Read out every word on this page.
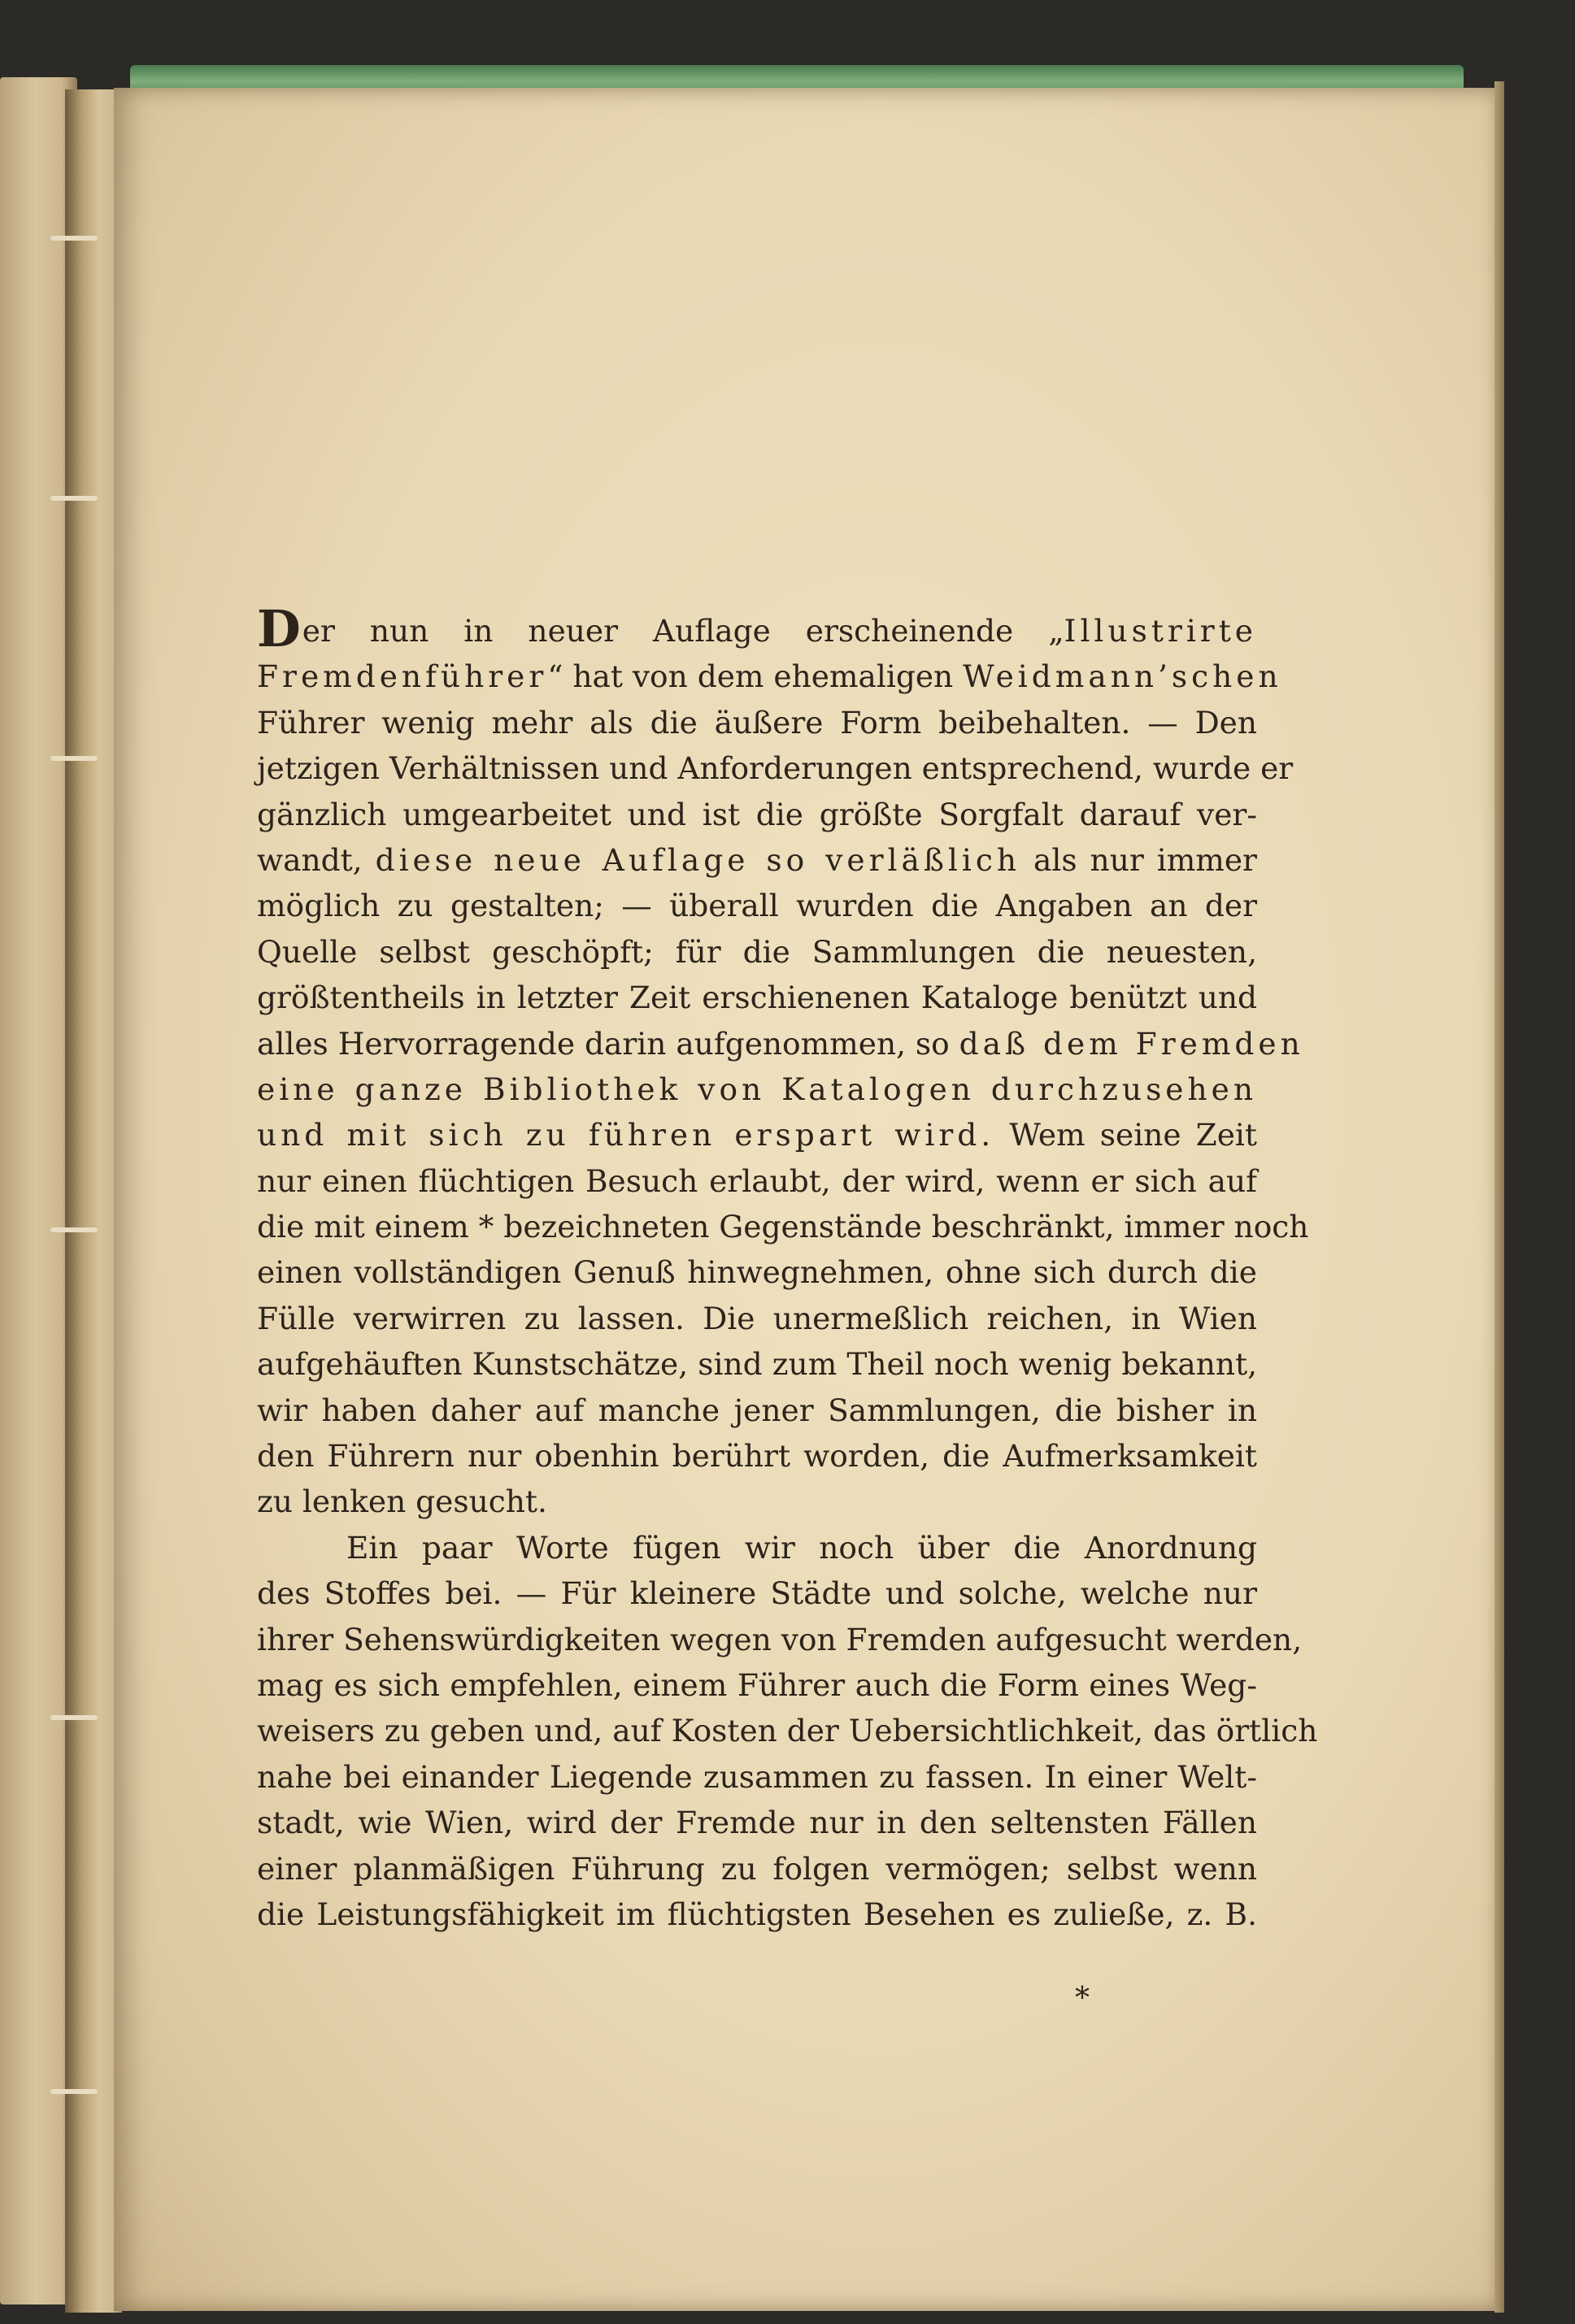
Der nun in neuer Auflage erscheinende „Illustrirte
Fremdenführer“ hat von dem ehemaligen Weidmann’schen
Führer wenig mehr als die äußere Form beibehalten. — Den
jetzigen Verhältnissen und Anforderungen entsprechend, wurde er
gänzlich umgearbeitet und ist die größte Sorgfalt darauf ver-
wandt, diese neue Auflage so verläßlich als nur immer
möglich zu gestalten; — überall wurden die Angaben an der
Quelle selbst geschöpft; für die Sammlungen die neuesten,
größtentheils in letzter Zeit erschienenen Kataloge benützt und
alles Hervorragende darin aufgenommen, so daß dem Fremden
eine ganze Bibliothek von Katalogen durchzusehen
und mit sich zu führen erspart wird. Wem seine Zeit
nur einen flüchtigen Besuch erlaubt, der wird, wenn er sich auf
die mit einem * bezeichneten Gegenstände beschränkt, immer noch
einen vollständigen Genuß hinwegnehmen, ohne sich durch die
Fülle verwirren zu lassen. Die unermeßlich reichen, in Wien
aufgehäuften Kunstschätze, sind zum Theil noch wenig bekannt,
wir haben daher auf manche jener Sammlungen, die bisher in
den Führern nur obenhin berührt worden, die Aufmerksamkeit
zu lenken gesucht.
Ein paar Worte fügen wir noch über die Anordnung
des Stoffes bei. — Für kleinere Städte und solche, welche nur
ihrer Sehenswürdigkeiten wegen von Fremden aufgesucht werden,
mag es sich empfehlen, einem Führer auch die Form eines Weg-
weisers zu geben und, auf Kosten der Uebersichtlichkeit, das örtlich
nahe bei einander Liegende zusammen zu fassen. In einer Welt-
stadt, wie Wien, wird der Fremde nur in den seltensten Fällen
einer planmäßigen Führung zu folgen vermögen; selbst wenn
die Leistungsfähigkeit im flüchtigsten Besehen es zuließe, z. B.
*
